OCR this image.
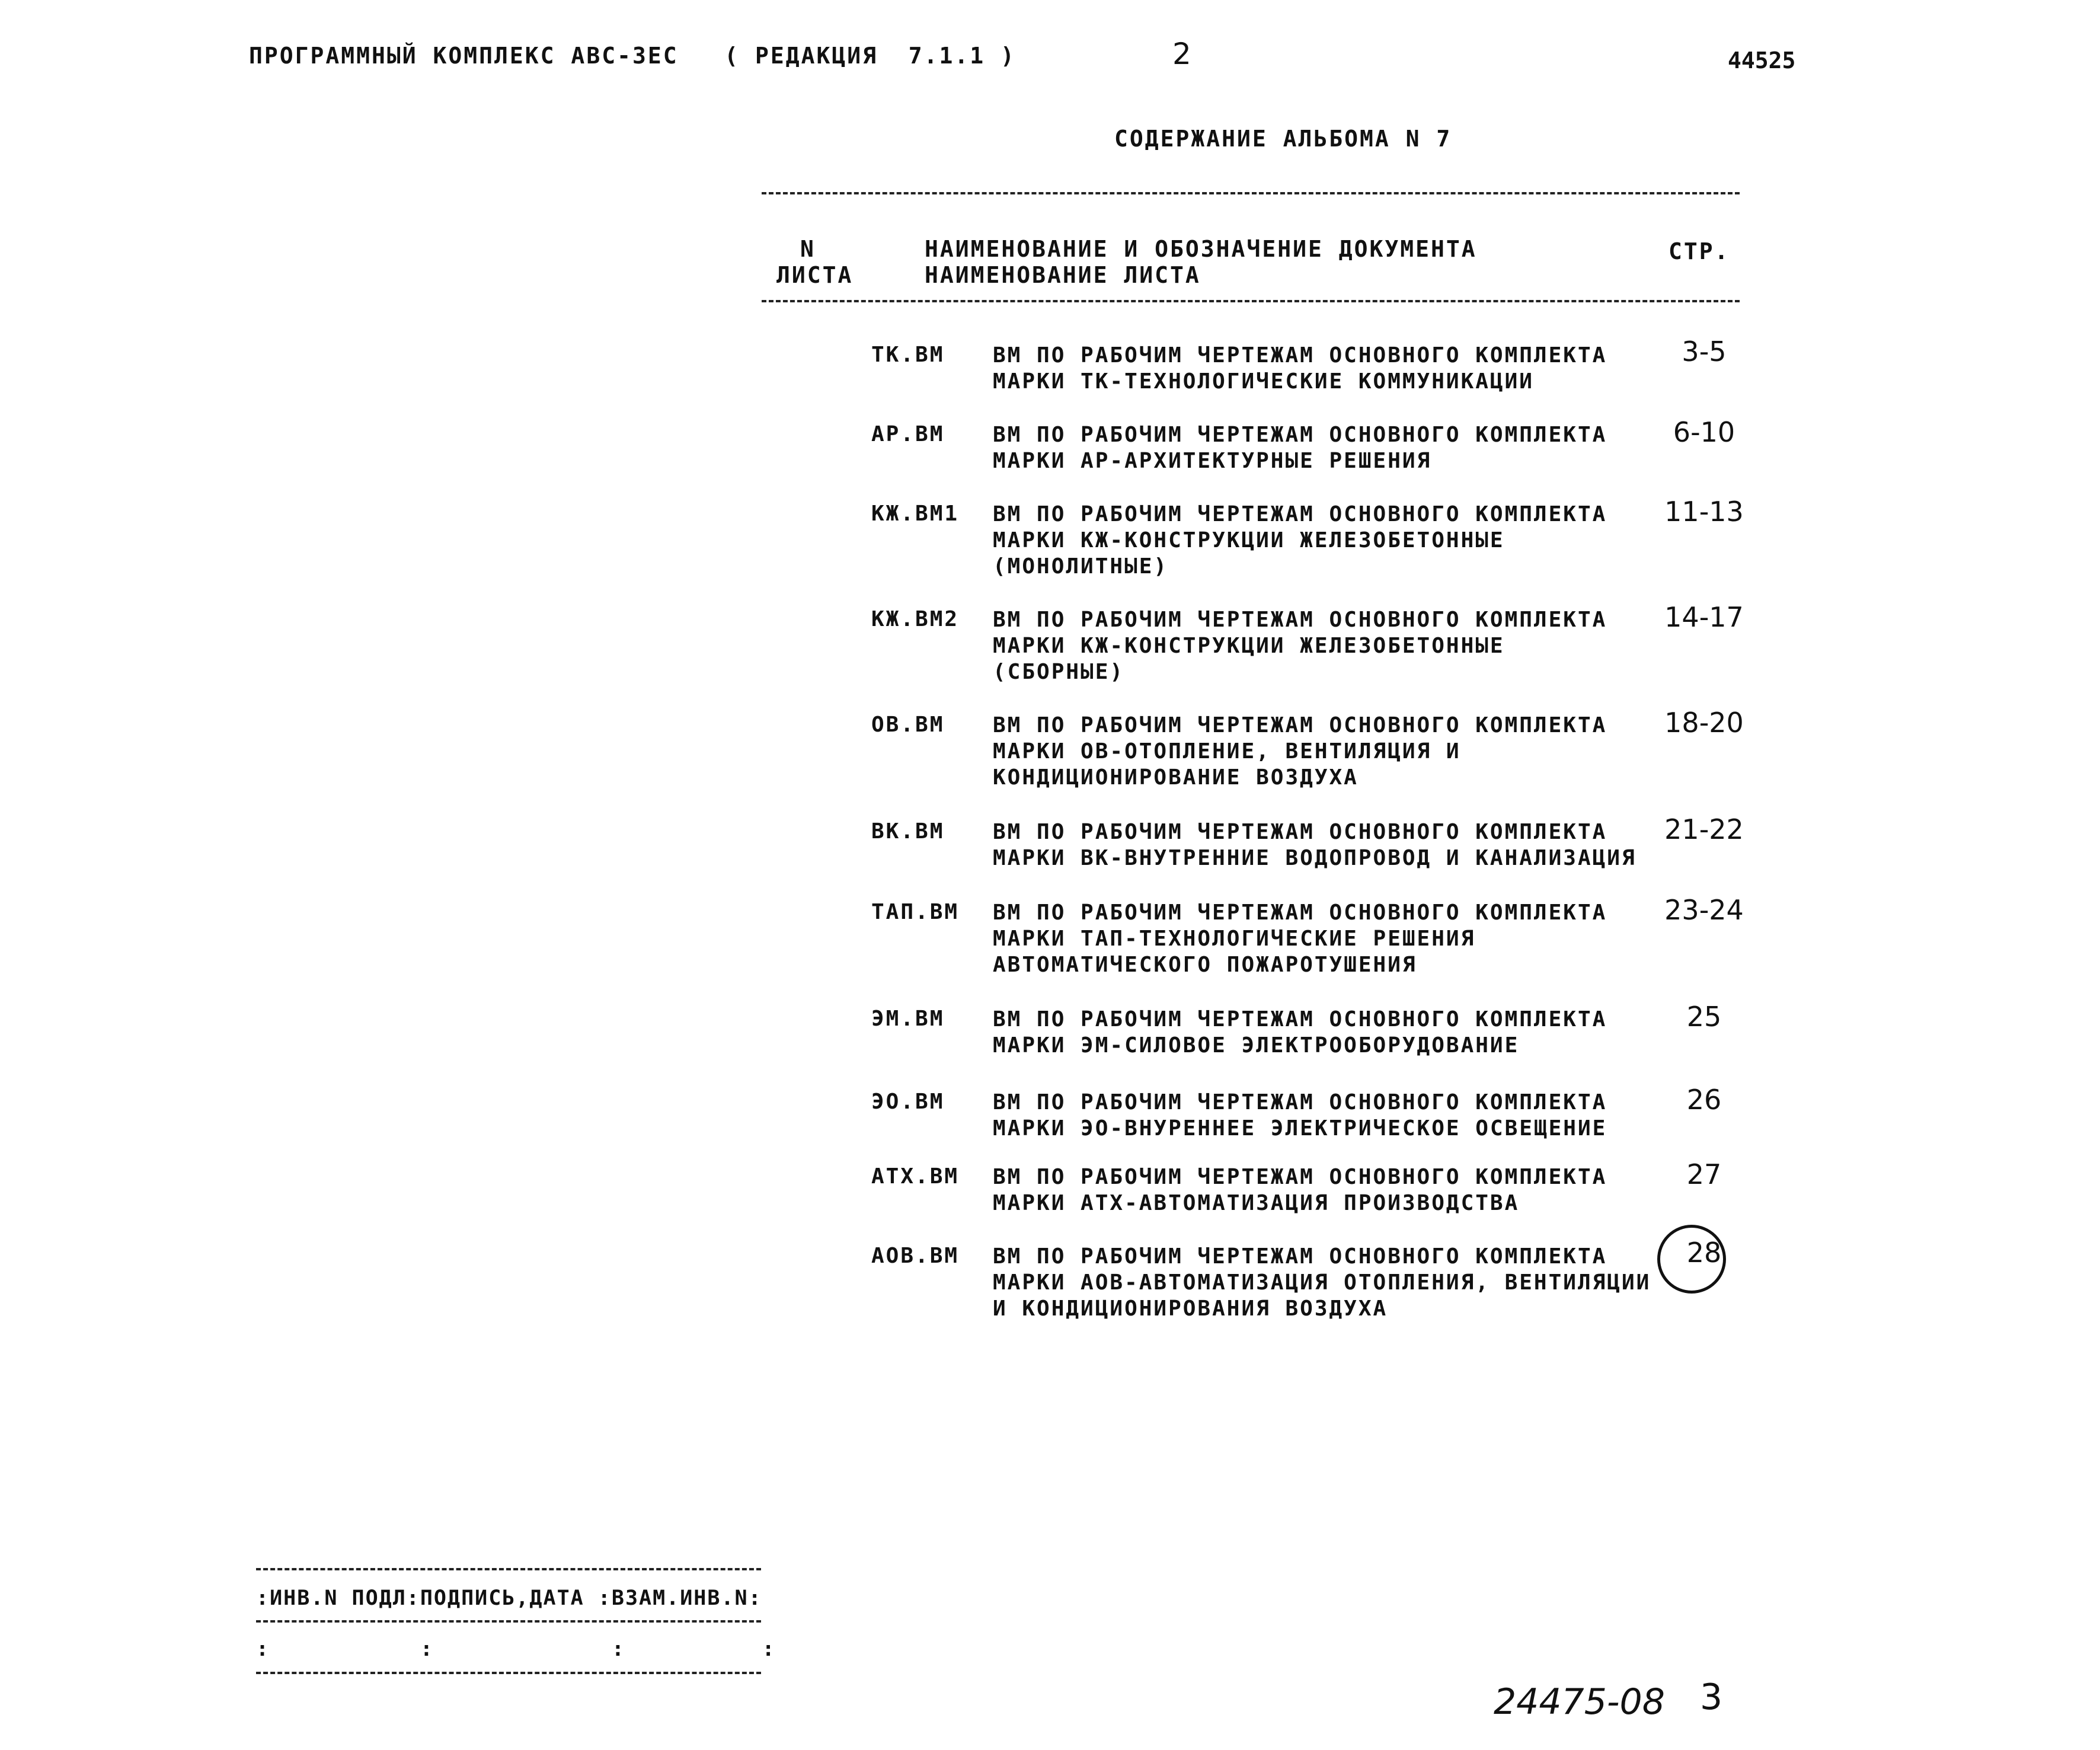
ПРОГРАММНЫЙ КОМПЛЕКС АВС-ЗЕС   ( РЕДАКЦИЯ  7.1.1 )	2	44525
СОДЕРЖАНИЕ АЛЬБОМА N 7
N
ЛИСТА
НАИМЕНОВАНИЕ И ОБОЗНАЧЕНИЕ ДОКУМЕНТА
НАИМЕНОВАНИЕ ЛИСТА
СТР.
ТК.ВМ ВМ ПО РАБОЧИМ ЧЕРТЕЖАМ ОСНОВНОГО КОМПЛЕКТА
МАРКИ ТК-ТЕХНОЛОГИЧЕСКИЕ КОММУНИКАЦИИ
3-5
АР.ВМ ВМ ПО РАБОЧИМ ЧЕРТЕЖАМ ОСНОВНОГО КОМПЛЕКТА
МАРКИ АР-АРХИТЕКТУРНЫЕ РЕШЕНИЯ
6-10
КЖ.ВМ1 ВМ ПО РАБОЧИМ ЧЕРТЕЖАМ ОСНОВНОГО КОМПЛЕКТА
МАРКИ КЖ-КОНСТРУКЦИИ ЖЕЛЕЗОБЕТОННЫЕ
(МОНОЛИТНЫЕ)
11-13
КЖ.ВМ2 ВМ ПО РАБОЧИМ ЧЕРТЕЖАМ ОСНОВНОГО КОМПЛЕКТА
МАРКИ КЖ-КОНСТРУКЦИИ ЖЕЛЕЗОБЕТОННЫЕ
(СБОРНЫЕ)
14-17
ОВ.ВМ ВМ ПО РАБОЧИМ ЧЕРТЕЖАМ ОСНОВНОГО КОМПЛЕКТА
МАРКИ ОВ-ОТОПЛЕНИЕ, ВЕНТИЛЯЦИЯ И
КОНДИЦИОНИРОВАНИЕ ВОЗДУХА
18-20
ВК.ВМ ВМ ПО РАБОЧИМ ЧЕРТЕЖАМ ОСНОВНОГО КОМПЛЕКТА
МАРКИ ВК-ВНУТРЕННИЕ ВОДОПРОВОД И КАНАЛИЗАЦИЯ
21-22
ТАП.ВМ ВМ ПО РАБОЧИМ ЧЕРТЕЖАМ ОСНОВНОГО КОМПЛЕКТА
МАРКИ ТАП-ТЕХНОЛОГИЧЕСКИЕ РЕШЕНИЯ
АВТОМАТИЧЕСКОГО ПОЖАРОТУШЕНИЯ
23-24
ЭМ.ВМ ВМ ПО РАБОЧИМ ЧЕРТЕЖАМ ОСНОВНОГО КОМПЛЕКТА
МАРКИ ЭМ-СИЛОВОЕ ЭЛЕКТРООБОРУДОВАНИЕ
25
ЭО.ВМ ВМ ПО РАБОЧИМ ЧЕРТЕЖАМ ОСНОВНОГО КОМПЛЕКТА
МАРКИ ЭО-ВНУРЕННЕЕ ЭЛЕКТРИЧЕСКОЕ ОСВЕЩЕНИЕ
26
АТХ.ВМ ВМ ПО РАБОЧИМ ЧЕРТЕЖАМ ОСНОВНОГО КОМПЛЕКТА
МАРКИ АТХ-АВТОМАТИЗАЦИЯ ПРОИЗВОДСТВА
27
АОВ.ВМ ВМ ПО РАБОЧИМ ЧЕРТЕЖАМ ОСНОВНОГО КОМПЛЕКТА
МАРКИ АОВ-АВТОМАТИЗАЦИЯ ОТОПЛЕНИЯ, ВЕНТИЛЯЦИИ
И КОНДИЦИОНИРОВАНИЯ ВОЗДУХА
28
:ИНВ.N ПОДЛ:ПОДПИСЬ,ДАТА :ВЗАМ.ИНВ.N:
:           :             :          :
24475-08 3
